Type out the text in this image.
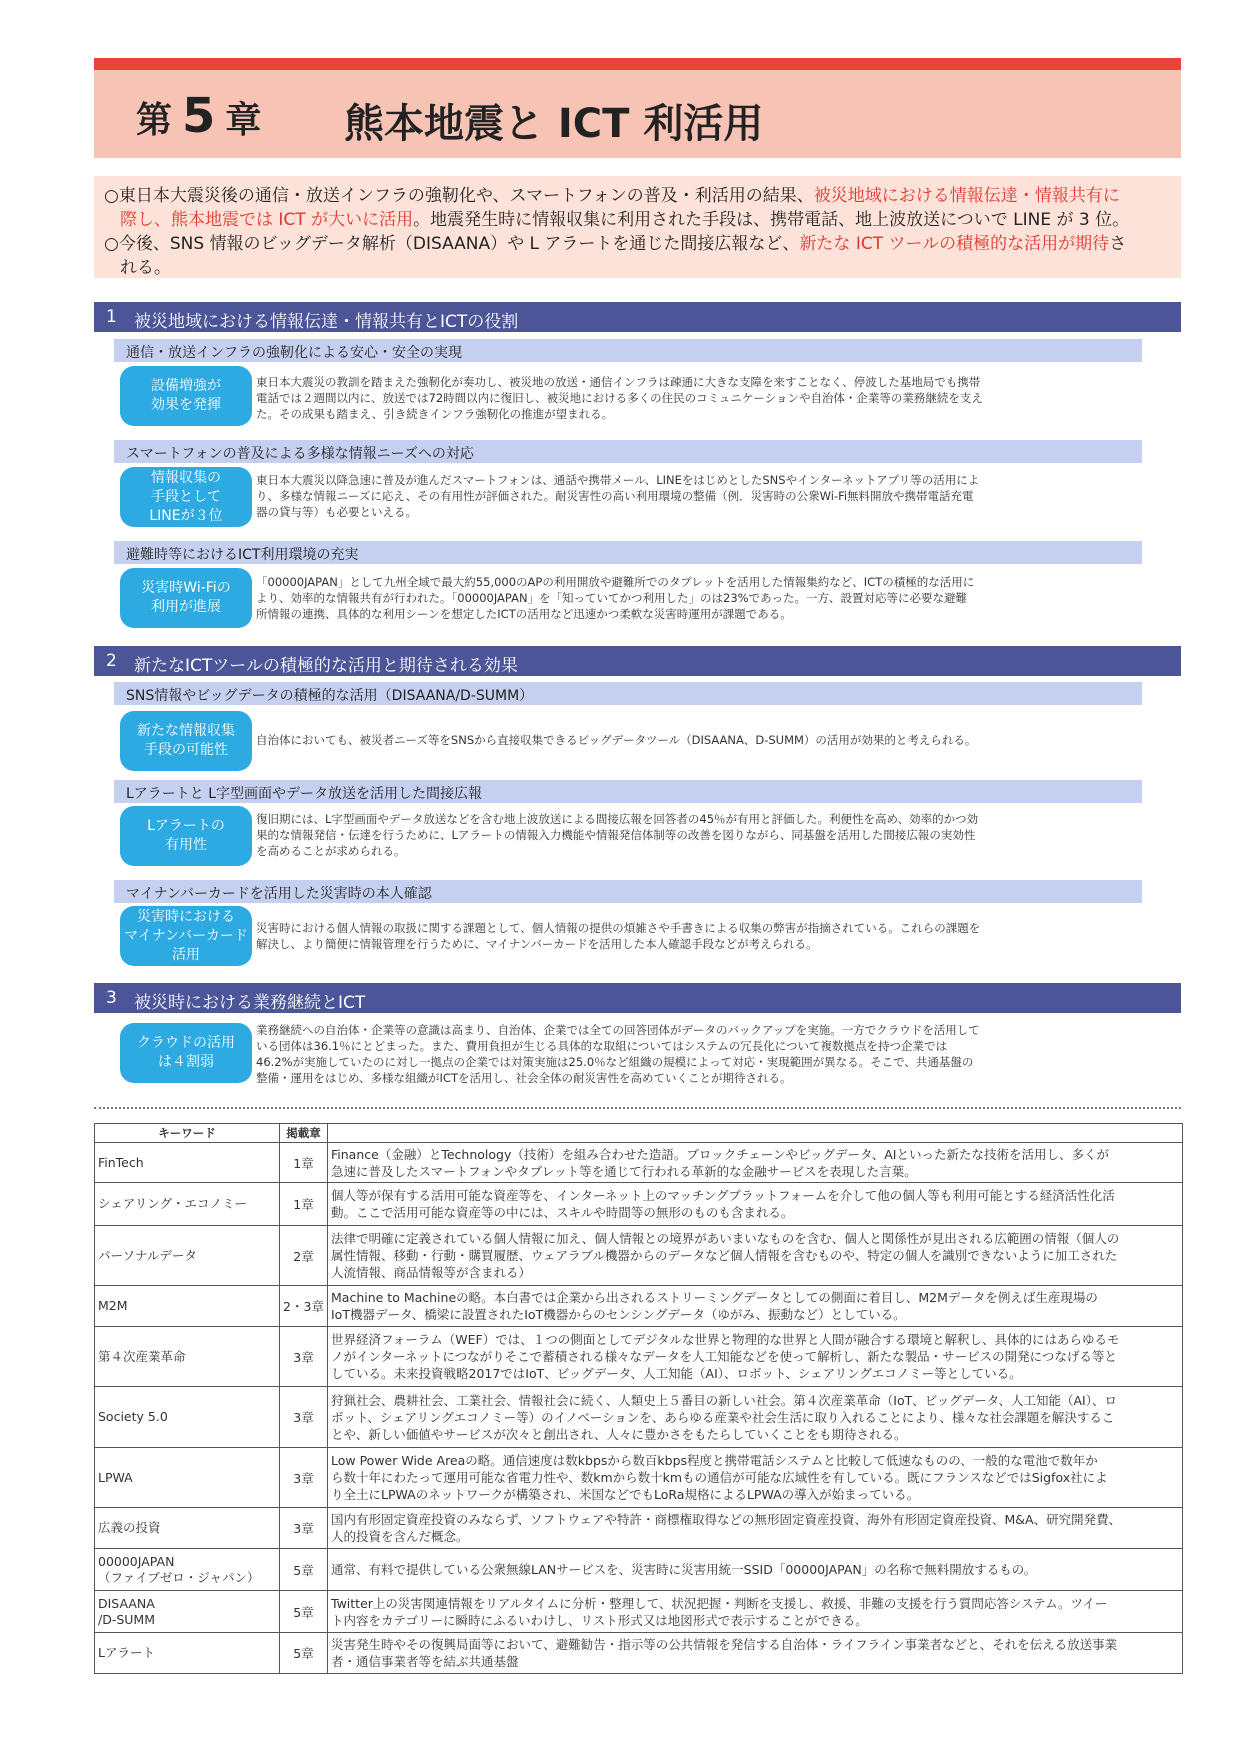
第 5 章 熊本地震と ICT 利活用
○東日本大震災後の通信・放送インフラの強靭化や、スマートフォンの普及・利活用の結果、被災地域における情報伝達・情報共有に
際し、熊本地震では ICT が大いに活用。地震発生時に情報収集に利用された手段は、携帯電話、地上波放送についで LINE が 3 位。
○今後、SNS 情報のビッグデータ解析（DISAANA）や L アラートを通じた間接広報など、新たな ICT ツールの積極的な活用が期待さ
れる。
1 被災地域における情報伝達・情報共有とICTの役割
通信・放送インフラの強靭化による安心・安全の実現
設備増強が
効果を発揮
東日本大震災の教訓を踏まえた強靭化が奏功し、被災地の放送・通信インフラは疎通に大きな支障を来すことなく、停波した基地局でも携帯
電話では２週間以内に、放送では72時間以内に復旧し、被災地における多くの住民のコミュニケーションや自治体・企業等の業務継続を支え
た。その成果も踏まえ、引き続きインフラ強靭化の推進が望まれる。
スマートフォンの普及による多様な情報ニーズへの対応
情報収集の
手段として
LINEが３位
東日本大震災以降急速に普及が進んだスマートフォンは、通話や携帯メール、LINEをはじめとしたSNSやインターネットアプリ等の活用によ
り、多様な情報ニーズに応え、その有用性が評価された。耐災害性の高い利用環境の整備（例．災害時の公衆Wi-Fi無料開放や携帯電話充電
器の貸与等）も必要といえる。
避難時等におけるICT利用環境の充実
災害時Wi-Fiの
利用が進展
「00000JAPAN」として九州全域で最大約55,000のAPの利用開放や避難所でのタブレットを活用した情報集約など、ICTの積極的な活用に
より、効率的な情報共有が行われた。「00000JAPAN」を「知っていてかつ利用した」のは23%であった。一方、設置対応等に必要な避難
所情報の連携、具体的な利用シーンを想定したICTの活用など迅速かつ柔軟な災害時運用が課題である。
2 新たなICTツールの積極的な活用と期待される効果
SNS情報やビッグデータの積極的な活用（DISAANA/D-SUMM）
新たな情報収集
手段の可能性
自治体においても、被災者ニーズ等をSNSから直接収集できるビッグデータツール（DISAANA、D-SUMM）の活用が効果的と考えられる。
Lアラートと L字型画面やデータ放送を活用した間接広報
Lアラートの
有用性
復旧期には、L字型画面やデータ放送などを含む地上波放送による間接広報を回答者の45％が有用と評価した。利便性を高め、効率的かつ効
果的な情報発信・伝達を行うために、Lアラートの情報入力機能や情報発信体制等の改善を図りながら、同基盤を活用した間接広報の実効性
を高めることが求められる。
マイナンバーカードを活用した災害時の本人確認
災害時における
マイナンバーカード
活用
災害時における個人情報の取扱に関する課題として、個人情報の提供の煩雑さや手書きによる収集の弊害が指摘されている。これらの課題を
解決し、より簡便に情報管理を行うために、マイナンバーカードを活用した本人確認手段などが考えられる。
3 被災時における業務継続とICT
クラウドの活用
は４割弱
業務継続への自治体・企業等の意識は高まり、自治体、企業では全ての回答団体がデータのバックアップを実施。一方でクラウドを活用して
いる団体は36.1％にとどまった。また、費用負担が生じる具体的な取組についてはシステムの冗長化について複数拠点を持つ企業では
46.2%が実施していたのに対し一拠点の企業では対策実施は25.0％など組織の規模によって対応・実現範囲が異なる。そこで、共通基盤の
整備・運用をはじめ、多様な組織がICTを活用し、社会全体の耐災害性を高めていくことが期待される。
キーワード	掲載章	
FinTech	1章	Finance（金融）とTechnology（技術）を組み合わせた造語。ブロックチェーンやビッグデータ、AIといった新たな技術を活用し、多くが
急速に普及したスマートフォンやタブレット等を通じて行われる革新的な金融サービスを表現した言葉。
シェアリング・エコノミー	1章	個人等が保有する活用可能な資産等を、インターネット上のマッチングプラットフォームを介して他の個人等も利用可能とする経済活性化活
動。ここで活用可能な資産等の中には、スキルや時間等の無形のものも含まれる。
パーソナルデータ	2章	法律で明確に定義されている個人情報に加え、個人情報との境界があいまいなものを含む、個人と関係性が見出される広範囲の情報（個人の
属性情報、移動・行動・購買履歴、ウェアラブル機器からのデータなど個人情報を含むものや、特定の個人を識別できないように加工された
人流情報、商品情報等が含まれる）
M2M	2・3章	Machine to Machineの略。本白書では企業から出されるストリーミングデータとしての側面に着目し、M2Mデータを例えば生産現場の
IoT機器データ、橋梁に設置されたIoT機器からのセンシングデータ（ゆがみ、振動など）としている。
第４次産業革命	3章	世界経済フォーラム（WEF）では、１つの側面としてデジタルな世界と物理的な世界と人間が融合する環境と解釈し、具体的にはあらゆるモ
ノがインターネットにつながりそこで蓄積される様々なデータを人工知能などを使って解析し、新たな製品・サービスの開発につなげる等と
している。未来投資戦略2017ではIoT、ビッグデータ、人工知能（AI）、ロボット、シェアリングエコノミー等としている。
Society 5.0	3章	狩猟社会、農耕社会、工業社会、情報社会に続く、人類史上５番目の新しい社会。第４次産業革命（IoT、ビッグデータ、人工知能（AI）、ロ
ボット、シェアリングエコノミー等）のイノベーションを、あらゆる産業や社会生活に取り入れることにより、様々な社会課題を解決するこ
とや、新しい価値やサービスが次々と創出され、人々に豊かさをもたらしていくことをも期待される。
LPWA	3章	Low Power Wide Areaの略。通信速度は数kbpsから数百kbps程度と携帯電話システムと比較して低速なものの、一般的な電池で数年か
ら数十年にわたって運用可能な省電力性や、数kmから数十kmもの通信が可能な広域性を有している。既にフランスなどではSigfox社によ
り全土にLPWAのネットワークが構築され、米国などでもLoRa規格によるLPWAの導入が始まっている。
広義の投資	3章	国内有形固定資産投資のみならず、ソフトウェアや特許・商標権取得などの無形固定資産投資、海外有形固定資産投資、M&A、研究開発費、
人的投資を含んだ概念。
00000JAPAN
（ファイブゼロ・ジャパン）	5章	通常、有料で提供している公衆無線LANサービスを、災害時に災害用統一SSID「00000JAPAN」の名称で無料開放するもの。
DISAANA
/D-SUMM	5章	Twitter上の災害関連情報をリアルタイムに分析・整理して、状況把握・判断を支援し、救援、非難の支援を行う質問応答システム。ツイー
ト内容をカテゴリーに瞬時にふるいわけし、リスト形式又は地図形式で表示することができる。
Lアラート	5章	災害発生時やその復興局面等において、避難勧告・指示等の公共情報を発信する自治体・ライフライン事業者などと、それを伝える放送事業
者・通信事業者等を結ぶ共通基盤
